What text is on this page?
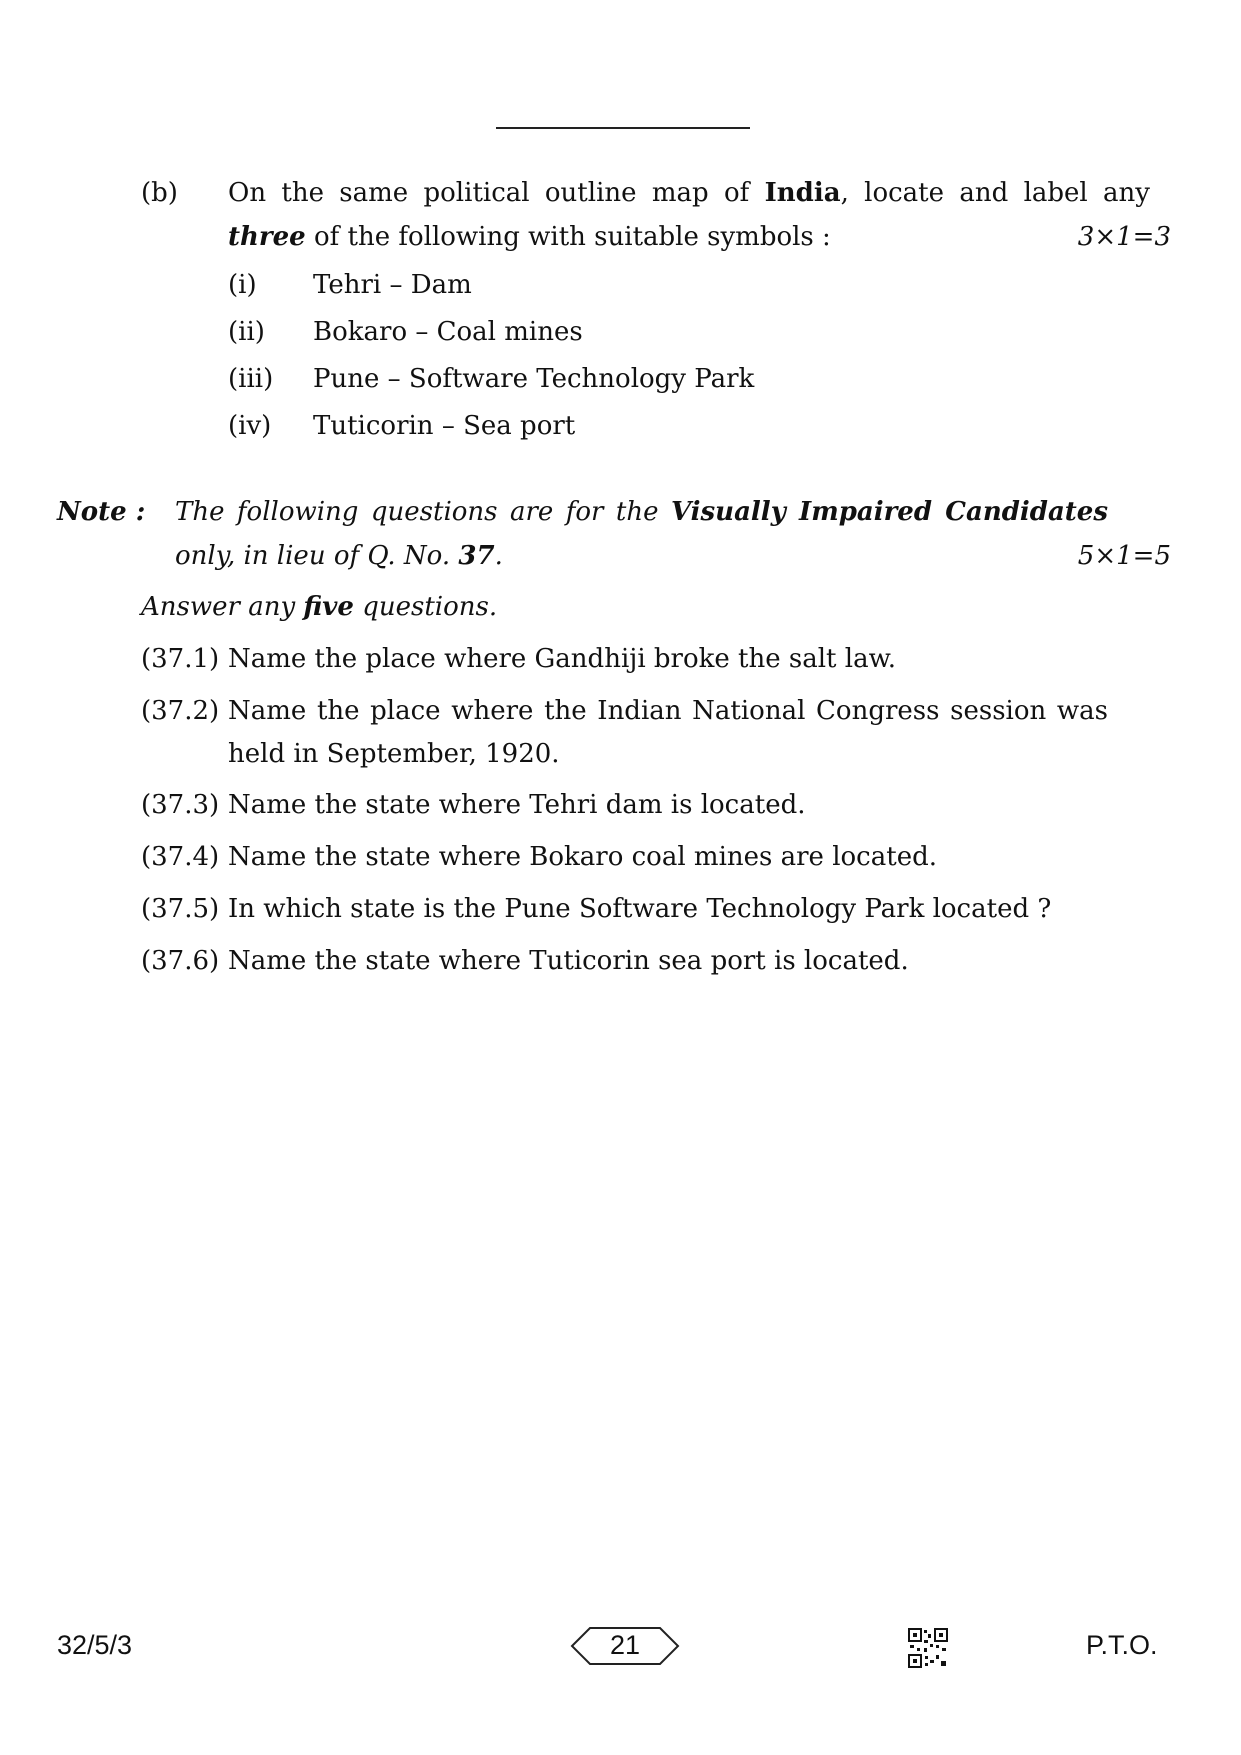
(b) On the same political outline map of India, locate and label any
three of the following with suitable symbols :	3×1=3
(i) Tehri – Dam
(ii) Bokaro – Coal mines
(iii) Pune – Software Technology Park
(iv) Tuticorin – Sea port
Note : The following questions are for the Visually Impaired Candidates
only, in lieu of Q. No. 37.	5×1=5
Answer any five questions.
(37.1) Name the place where Gandhiji broke the salt law.
(37.2) Name the place where the Indian National Congress session was
held in September, 1920.
(37.3) Name the state where Tehri dam is located.
(37.4) Name the state where Bokaro coal mines are located.
(37.5) In which state is the Pune Software Technology Park located ?
(37.6) Name the state where Tuticorin sea port is located.
32/5/3	21	P.T.O.
